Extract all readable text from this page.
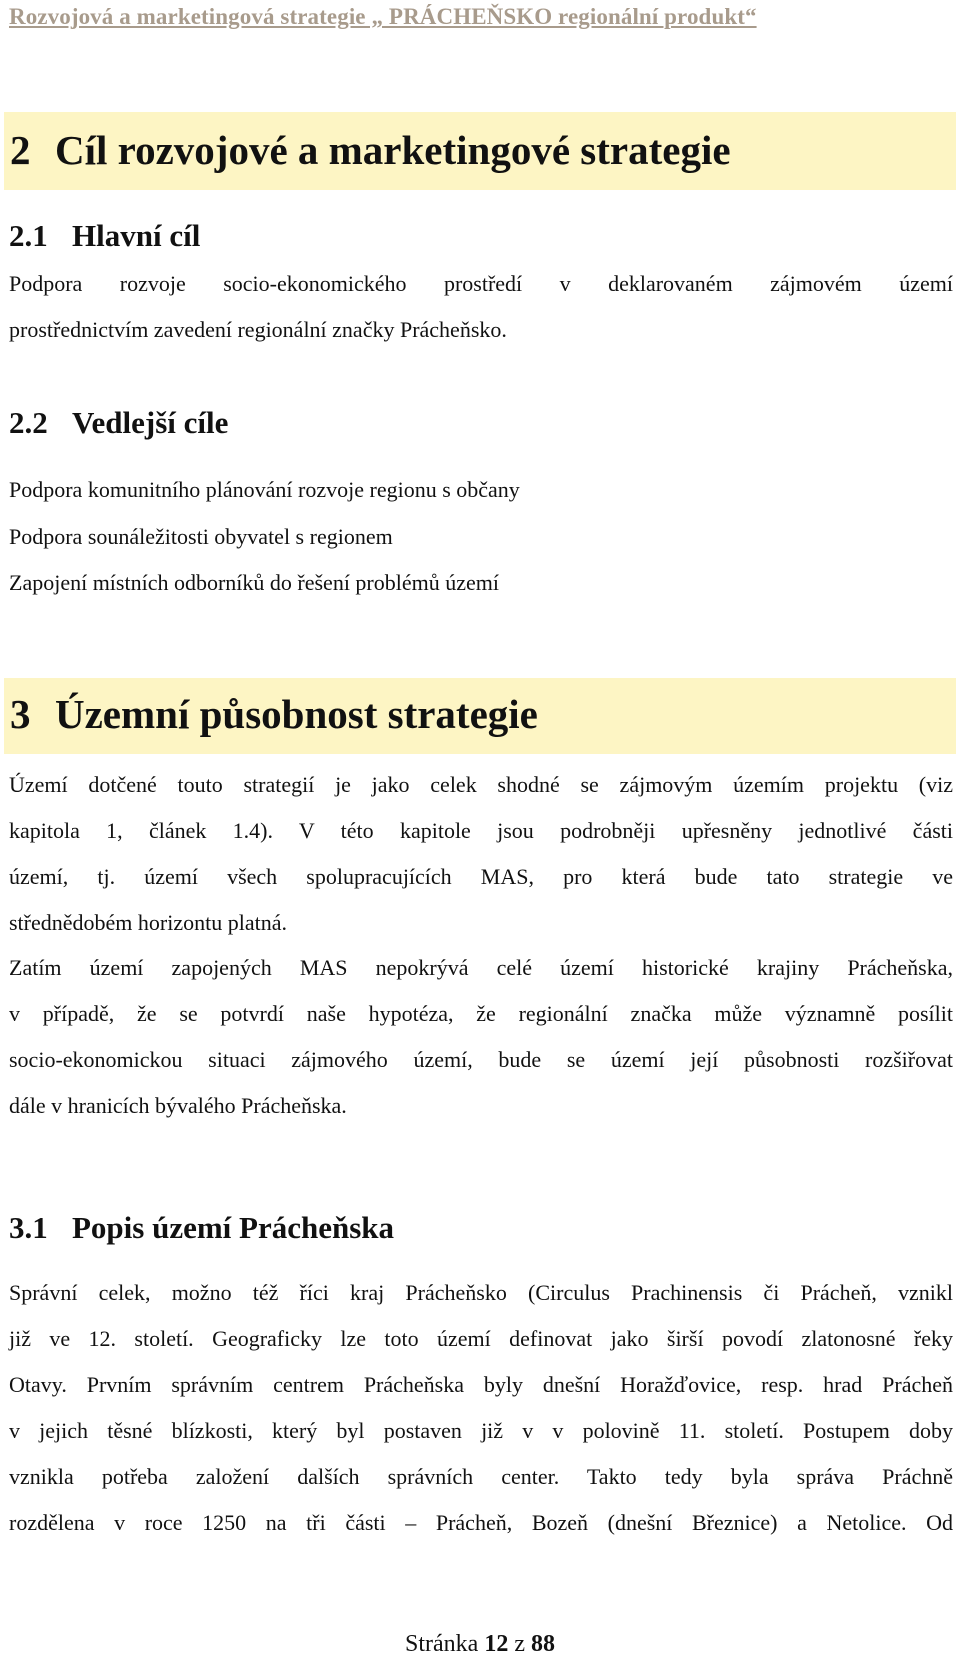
Rozvojová a marketingová strategie „ PRÁCHEŇSKO regionální produkt“
2 Cíl rozvojové a marketingové strategie
2.1 Hlavní cíl
Podpora rozvoje socio-ekonomického prostředí v deklarovaném zájmovém území
prostřednictvím zavedení regionální značky Prácheňsko.
2.2 Vedlejší cíle
Podpora komunitního plánování rozvoje regionu s občany
Podpora sounáležitosti obyvatel s regionem
Zapojení místních odborníků do řešení problémů území
3 Územní působnost strategie
Území dotčené touto strategií je jako celek shodné se zájmovým územím projektu (viz
kapitola 1, článek 1.4). V této kapitole jsou podrobněji upřesněny jednotlivé části
území, tj. území všech spolupracujících MAS, pro která bude tato strategie ve
střednědobém horizontu platná.
Zatím území zapojených MAS nepokrývá celé území historické krajiny Prácheňska,
v případě, že se potvrdí naše hypotéza, že regionální značka může významně posílit
socio-ekonomickou situaci zájmového území, bude se území její působnosti rozšiřovat
dále v hranicích bývalého Prácheňska.
3.1 Popis území Prácheňska
Správní celek, možno též říci kraj Prácheňsko (Circulus Prachinensis či Prácheň, vznikl
již ve 12. století. Geograficky lze toto území definovat jako širší povodí zlatonosné řeky
Otavy. Prvním správním centrem Prácheňska byly dnešní Horažďovice, resp. hrad Prácheň
v jejich těsné blízkosti, který byl postaven již v v polovině 11. století. Postupem doby
vznikla potřeba založení dalších správních center. Takto tedy byla správa Práchně
rozdělena v roce 1250 na tři části – Prácheň, Bozeň (dnešní Březnice) a Netolice. Od
Stránka 12 z 88
